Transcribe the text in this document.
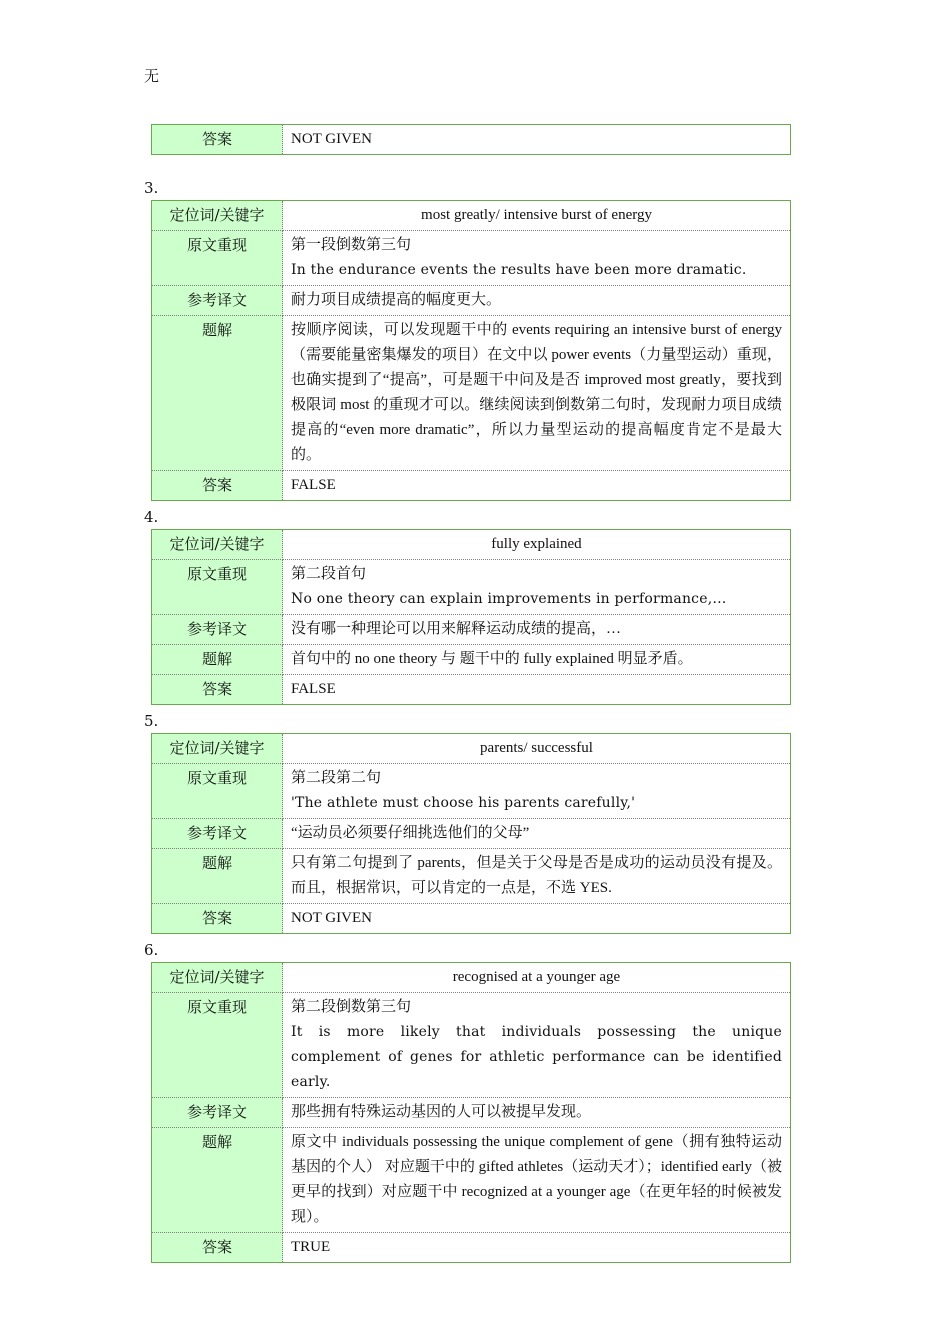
无
答案	NOT GIVEN
3.
定位词/关键字	most greatly/ intensive burst of energy
原文重现	第一段倒数第三句
In the endurance events the results have been more dramatic.

参考译文	耐力项目成绩提高的幅度更大。
题解	按顺序阅读，可以发现题干中的 events requiring an intensive burst of energy（需要能量密集爆发的项目）在文中以 power events（力量型运动）重现，也确实提到了“提高”，可是题干中问及是否 improved most greatly，要找到极限词 most 的重现才可以。继续阅读到倒数第二句时，发现耐力项目成绩提高的“even more dramatic”，所以力量型运动的提高幅度肯定不是最大的。
答案	FALSE
4.
定位词/关键字	fully explained
原文重现	第二段首句
No one theory can explain improvements in performance,…

参考译文	没有哪一种理论可以用来解释运动成绩的提高，…
题解	首句中的 no one theory 与 题干中的 fully explained 明显矛盾。
答案	FALSE
5.
定位词/关键字	parents/ successful
原文重现	第二段第二句
'The athlete must choose his parents carefully,'

参考译文	“运动员必须要仔细挑选他们的父母”
题解	只有第二句提到了 parents，但是关于父母是否是成功的运动员没有提及。而且，根据常识，可以肯定的一点是，不选 YES.
答案	NOT GIVEN
6.
定位词/关键字	recognised at a younger age
原文重现	第二段倒数第三句
It is more likely that individuals possessing the unique complement of genes for athletic performance can be identified early.

参考译文	那些拥有特殊运动基因的人可以被提早发现。
题解	原文中 individuals possessing the unique complement of gene（拥有独特运动基因的个人） 对应题干中的 gifted athletes（运动天才）；identified early（被更早的找到）对应题干中 recognized at a younger age（在更年轻的时候被发现）。
答案	TRUE
